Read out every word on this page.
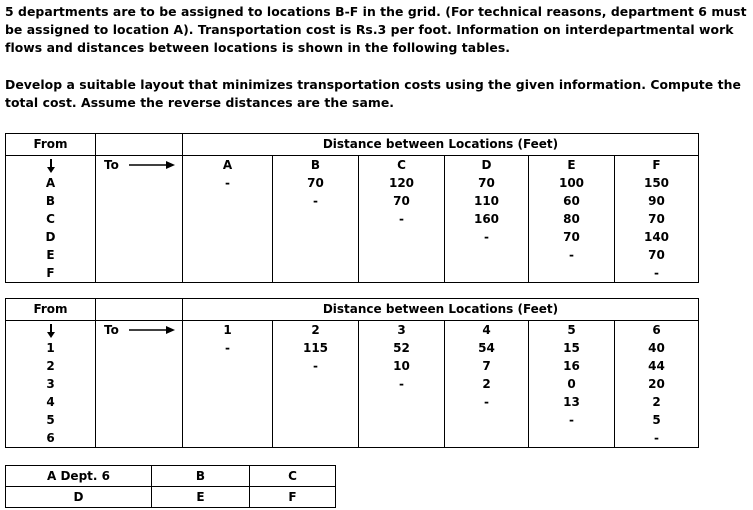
5 departments are to be assigned to locations B-F in the grid. (For technical reasons, department 6 must
be assigned to location A). Transportation cost is Rs.3 per foot. Information on interdepartmental work
flows and distances between locations is shown in the following tables.
Develop a suitable layout that minimizes transportation costs using the given information. Compute the
total cost. Assume the reverse distances are the same.
From		Distance between Locations (Feet)					

To	A	B	C	D	E	F
A		-	70	120	70	100	150
B			-	70	110	60	90
C				-	160	80	70
D					-	70	140
E						-	70
F							-
From		Distance between Locations (Feet)					

To	1	2	3	4	5	6
1		-	115	52	54	15	40
2			-	10	7	16	44
3				-	2	0	20
4					-	13	2
5						-	5
6							-
A Dept. 6	B	C
D	E	F
